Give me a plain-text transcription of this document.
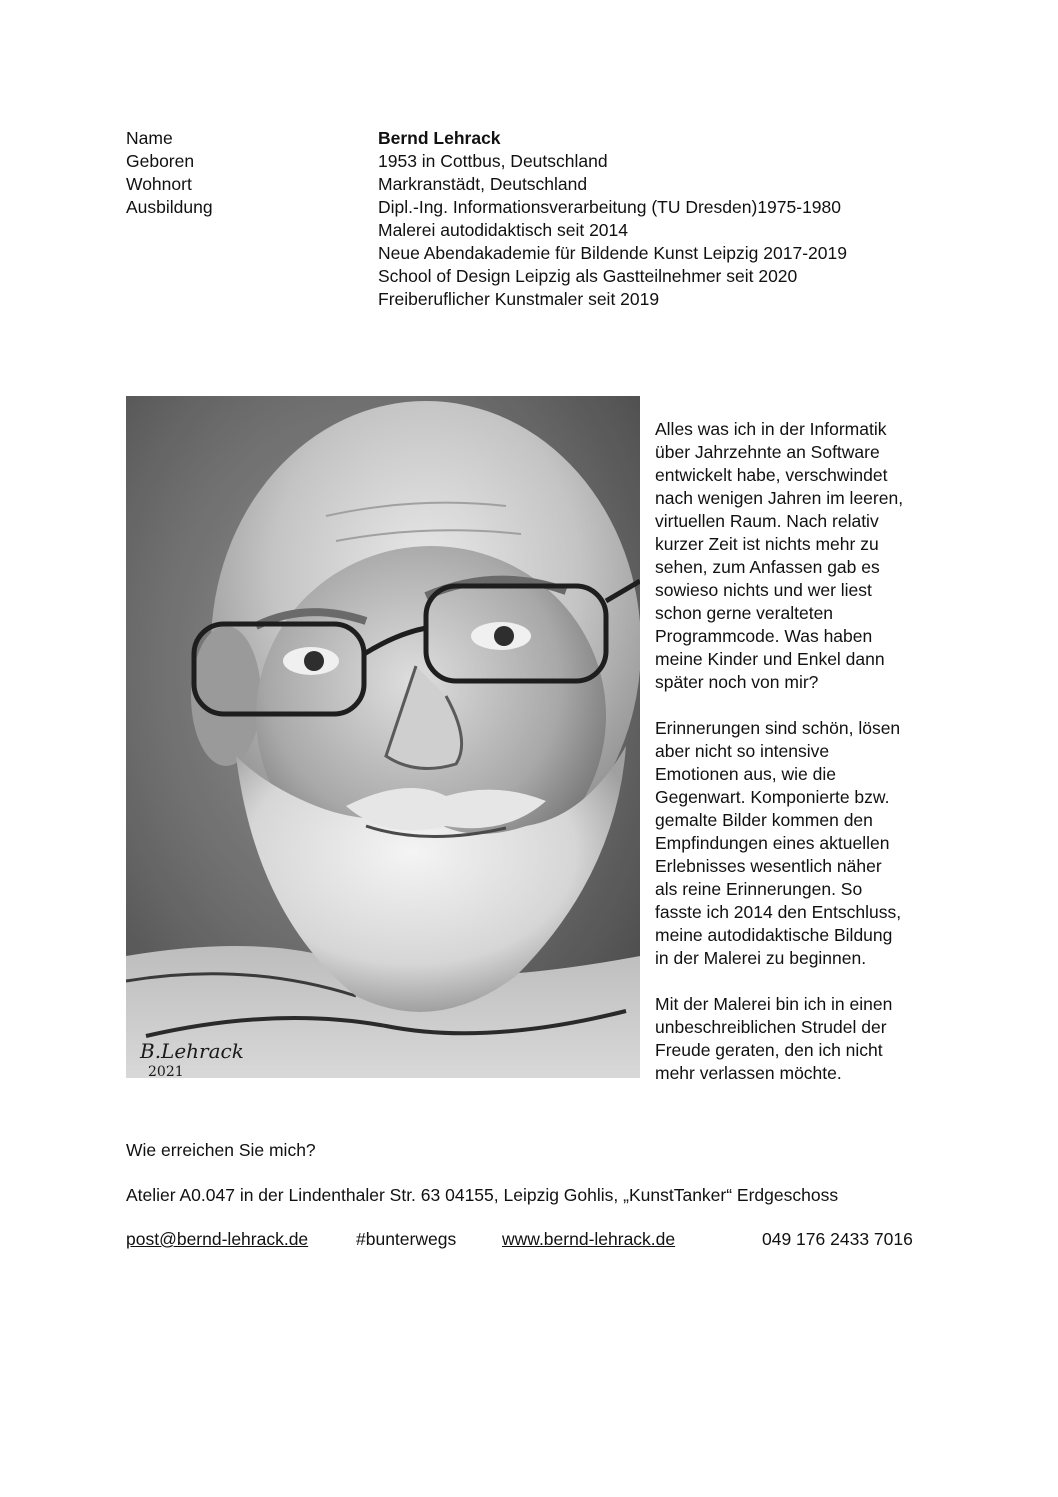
Name	Bernd Lehrack
Geboren	1953 in Cottbus, Deutschland
Wohnort	Markranstädt, Deutschland
Ausbildung	Dipl.-Ing. Informationsverarbeitung (TU Dresden)1975-1980
Malerei autodidaktisch seit 2014
Neue Abendakademie für Bildende Kunst Leipzig 2017-2019
School of Design Leipzig als Gastteilnehmer seit 2020
Freiberuflicher Kunstmaler seit 2019
B.Lehrack
2021

Alles was ich in der Informatik
über Jahrzehnte an Software
entwickelt habe, verschwindet
nach wenigen Jahren im leeren,
virtuellen Raum. Nach relativ
kurzer Zeit ist nichts mehr zu
sehen, zum Anfassen gab es
sowieso nichts und wer liest
schon gerne veralteten
Programmcode. Was haben
meine Kinder und Enkel dann
später noch von mir?

Erinnerungen sind schön, lösen
aber nicht so intensive
Emotionen aus, wie die
Gegenwart. Komponierte bzw.
gemalte Bilder kommen den
Empfindungen eines aktuellen
Erlebnisses wesentlich näher
als reine Erinnerungen. So
fasste ich 2014 den Entschluss,
meine autodidaktische Bildung
in der Malerei zu beginnen.

Mit der Malerei bin ich in einen
unbeschreiblichen Strudel der
Freude geraten, den ich nicht
mehr verlassen möchte.

Wie erreichen Sie mich?
Atelier A0.047 in der Lindenthaler Str. 63 04155, Leipzig Gohlis, „KunstTanker“ Erdgeschoss
post@bernd-lehrack.de	#bunterwegs	www.bernd-lehrack.de	049 176 2433 7016
